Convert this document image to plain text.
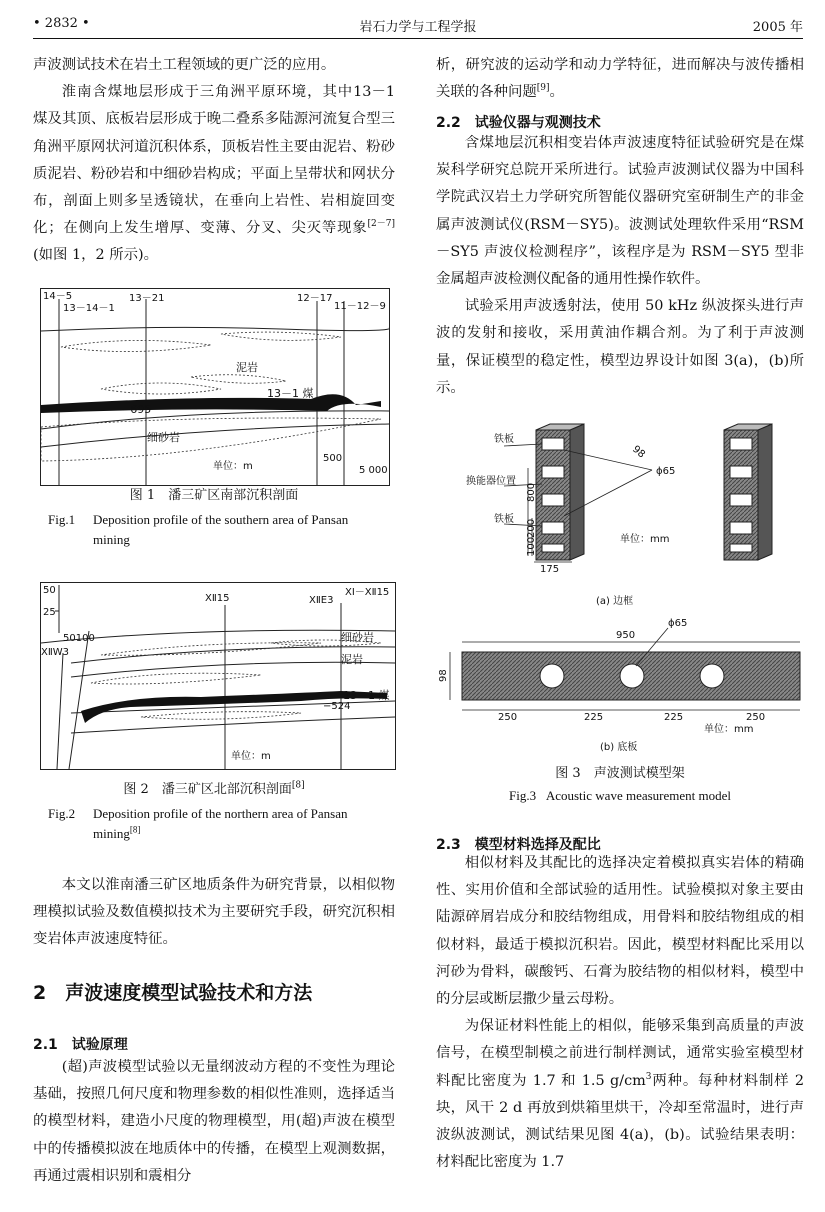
• 2832 •	岩石力学与工程学报	2005 年

声波测试技术在岩土工程领域的更广泛的应用。

淮南含煤地层形成于三角洲平原环境，其中13－1 煤及其顶、底板岩层形成于晚二叠系多陆源河流复合型三角洲平原网状河道沉积体系，顶板岩性主要由泥岩、粉砂质泥岩、粉砂岩和中细砂岩构成；平面上呈带状和网状分布，剖面上则多呈透镜状，在垂向上岩性、岩相旋回变化；在侧向上发生增厚、变薄、分叉、尖灭等现象[2－7](如图 1，2 所示)。

14－5
13－14－1
13－21	12－17
11－12－9
泥岩
13－1 煤
−695
细砂岩
单位：m
500
5 000
图 1　潘三矿区南部沉积剖面
Fig.1 Deposition profile of the southern area of Pansan mining
50
25
50100
XⅡW3
XⅡ15	XⅡE3
XⅠ－XⅡ15
细砂岩
泥岩
13－1 煤
−524
单位：m
图 2　潘三矿区北部沉积剖面[8]
Fig.2 Deposition profile of the northern area of Pansan mining[8]

本文以淮南潘三矿区地质条件为研究背景，以相似物理模拟试验及数值模拟技术为主要研究手段，研究沉积相变岩体声波速度特征。

2　声波速度模型试验技术和方法
2.1　试验原理

(超)声波模型试验以无量纲波动方程的不变性为理论基础，按照几何尺度和物理参数的相似性准则，选择适当的模型材料，建造小尺度的物理模型，用(超)声波在模型中的传播模拟波在地质体中的传播，在模型上观测数据，再通过震相识别和震相分

析，研究波的运动学和动力学特征，进而解决与波传播相关联的各种问题[9]。

2.2　试验仪器与观测技术

含煤地层沉积相变岩体声波速度特征试验研究是在煤炭科学研究总院开采所进行。试验声波测试仪器为中国科学院武汉岩土力学研究所智能仪器研究室研制生产的非金属声波测试仪(RSM－SY5)。波测试处理软件采用“RSM－SY5 声波仪检测程序”，该程序是为 RSM－SY5 型非金属超声波检测仪配备的通用性操作软件。

试验采用声波透射法，使用 50 kHz 纵波探头进行声波的发射和接收，采用黄油作耦合剂。为了利于声波测量，保证模型的稳定性，模型边界设计如图 3(a)，(b)所示。

铁板
换能器位置
铁板
800
200
100
175
98
ϕ65
单位：mm
(a) 边框
950
ϕ65
98
250	225	225	250
单位：mm
(b) 底板
图 3　声波测试模型架
Fig.3 Acoustic wave measurement model
2.3　模型材料选择及配比

相似材料及其配比的选择决定着模拟真实岩体的精确性、实用价值和全部试验的适用性。试验模拟对象主要由陆源碎屑岩成分和胶结物组成，用骨料和胶结物组成的相似材料，最适于模拟沉积岩。因此，模型材料配比采用以河砂为骨料，碳酸钙、石膏为胶结物的相似材料，模型中的分层或断层撒少量云母粉。

为保证材料性能上的相似，能够采集到高质量的声波信号，在模型制模之前进行制样测试，通常实验室模型材料配比密度为 1.7 和 1.5 $g/cm^3$两种。每种材料制样 2 块，风干 2 d 再放到烘箱里烘干，冷却至常温时，进行声波纵波测试，测试结果见图 4(a)，(b)。试验结果表明：材料配比密度为 1.7
